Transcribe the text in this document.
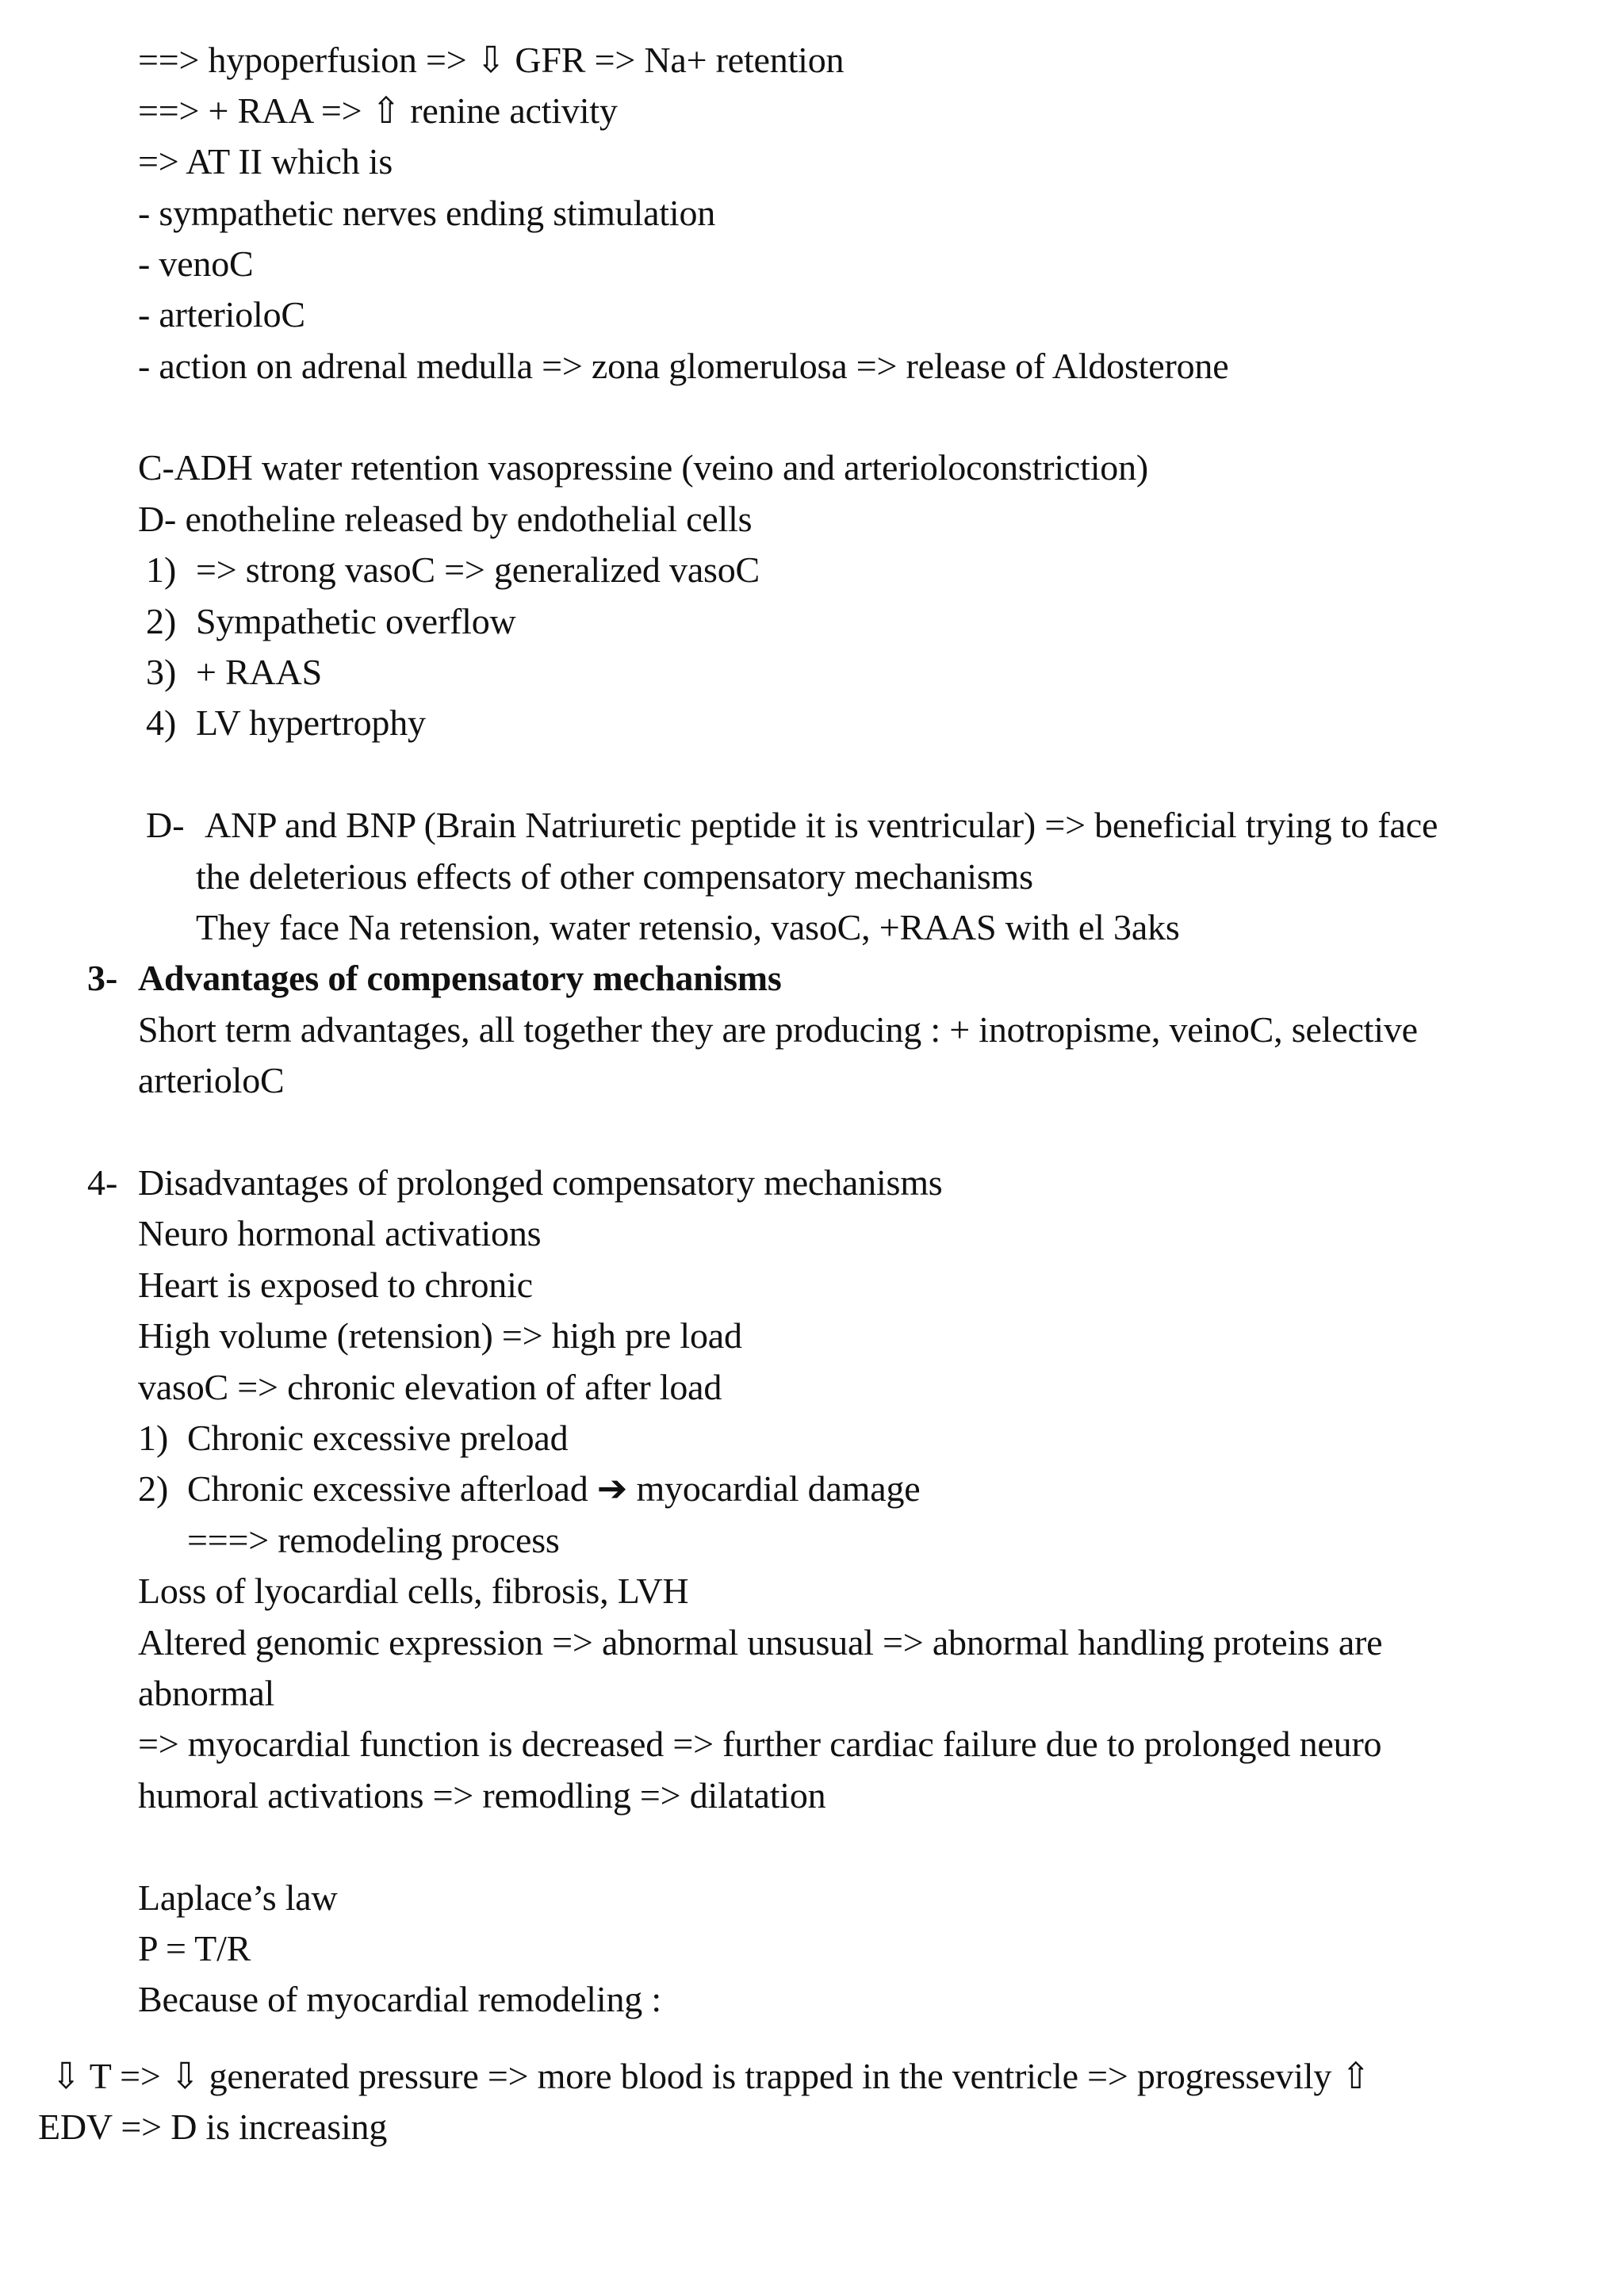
==> hypoperfusion => ⇩ GFR => Na+ retention
==> + RAA => ⇧ renine activity
=> AT II which is
- sympathetic nerves ending stimulation
- venoC
- arterioloC
- action on adrenal medulla => zona glomerulosa => release of Aldosterone
C-ADH water retention vasopressine (veino and arterioloconstriction)
D- enotheline released by endothelial cells
1) => strong vasoC => generalized vasoC
2) Sympathetic overflow
3) + RAAS
4) LV hypertrophy
D- ANP and BNP (Brain Natriuretic peptide it is ventricular) => beneficial trying to face
the deleterious effects of other compensatory mechanisms
They face Na retension, water retensio, vasoC, +RAAS with el 3aks
3- Advantages of compensatory mechanisms
Short term advantages, all together they are producing : + inotropisme, veinoC, selective
arterioloC
4- Disadvantages of prolonged compensatory mechanisms
Neuro hormonal activations
Heart is exposed to chronic
High volume (retension) => high pre load
vasoC => chronic elevation of after load
1) Chronic excessive preload
2) Chronic excessive afterload ➔ myocardial damage
===> remodeling process
Loss of lyocardial cells, fibrosis, LVH
Altered genomic expression => abnormal unsusual => abnormal handling proteins are
abnormal
=> myocardial function is decreased => further cardiac failure due to prolonged neuro
humoral activations => remodling => dilatation
Laplace’s law
P = T/R
Because of myocardial remodeling :
⇩ T => ⇩ generated pressure => more blood is trapped in the ventricle => progressevily ⇧
EDV => D is increasing
